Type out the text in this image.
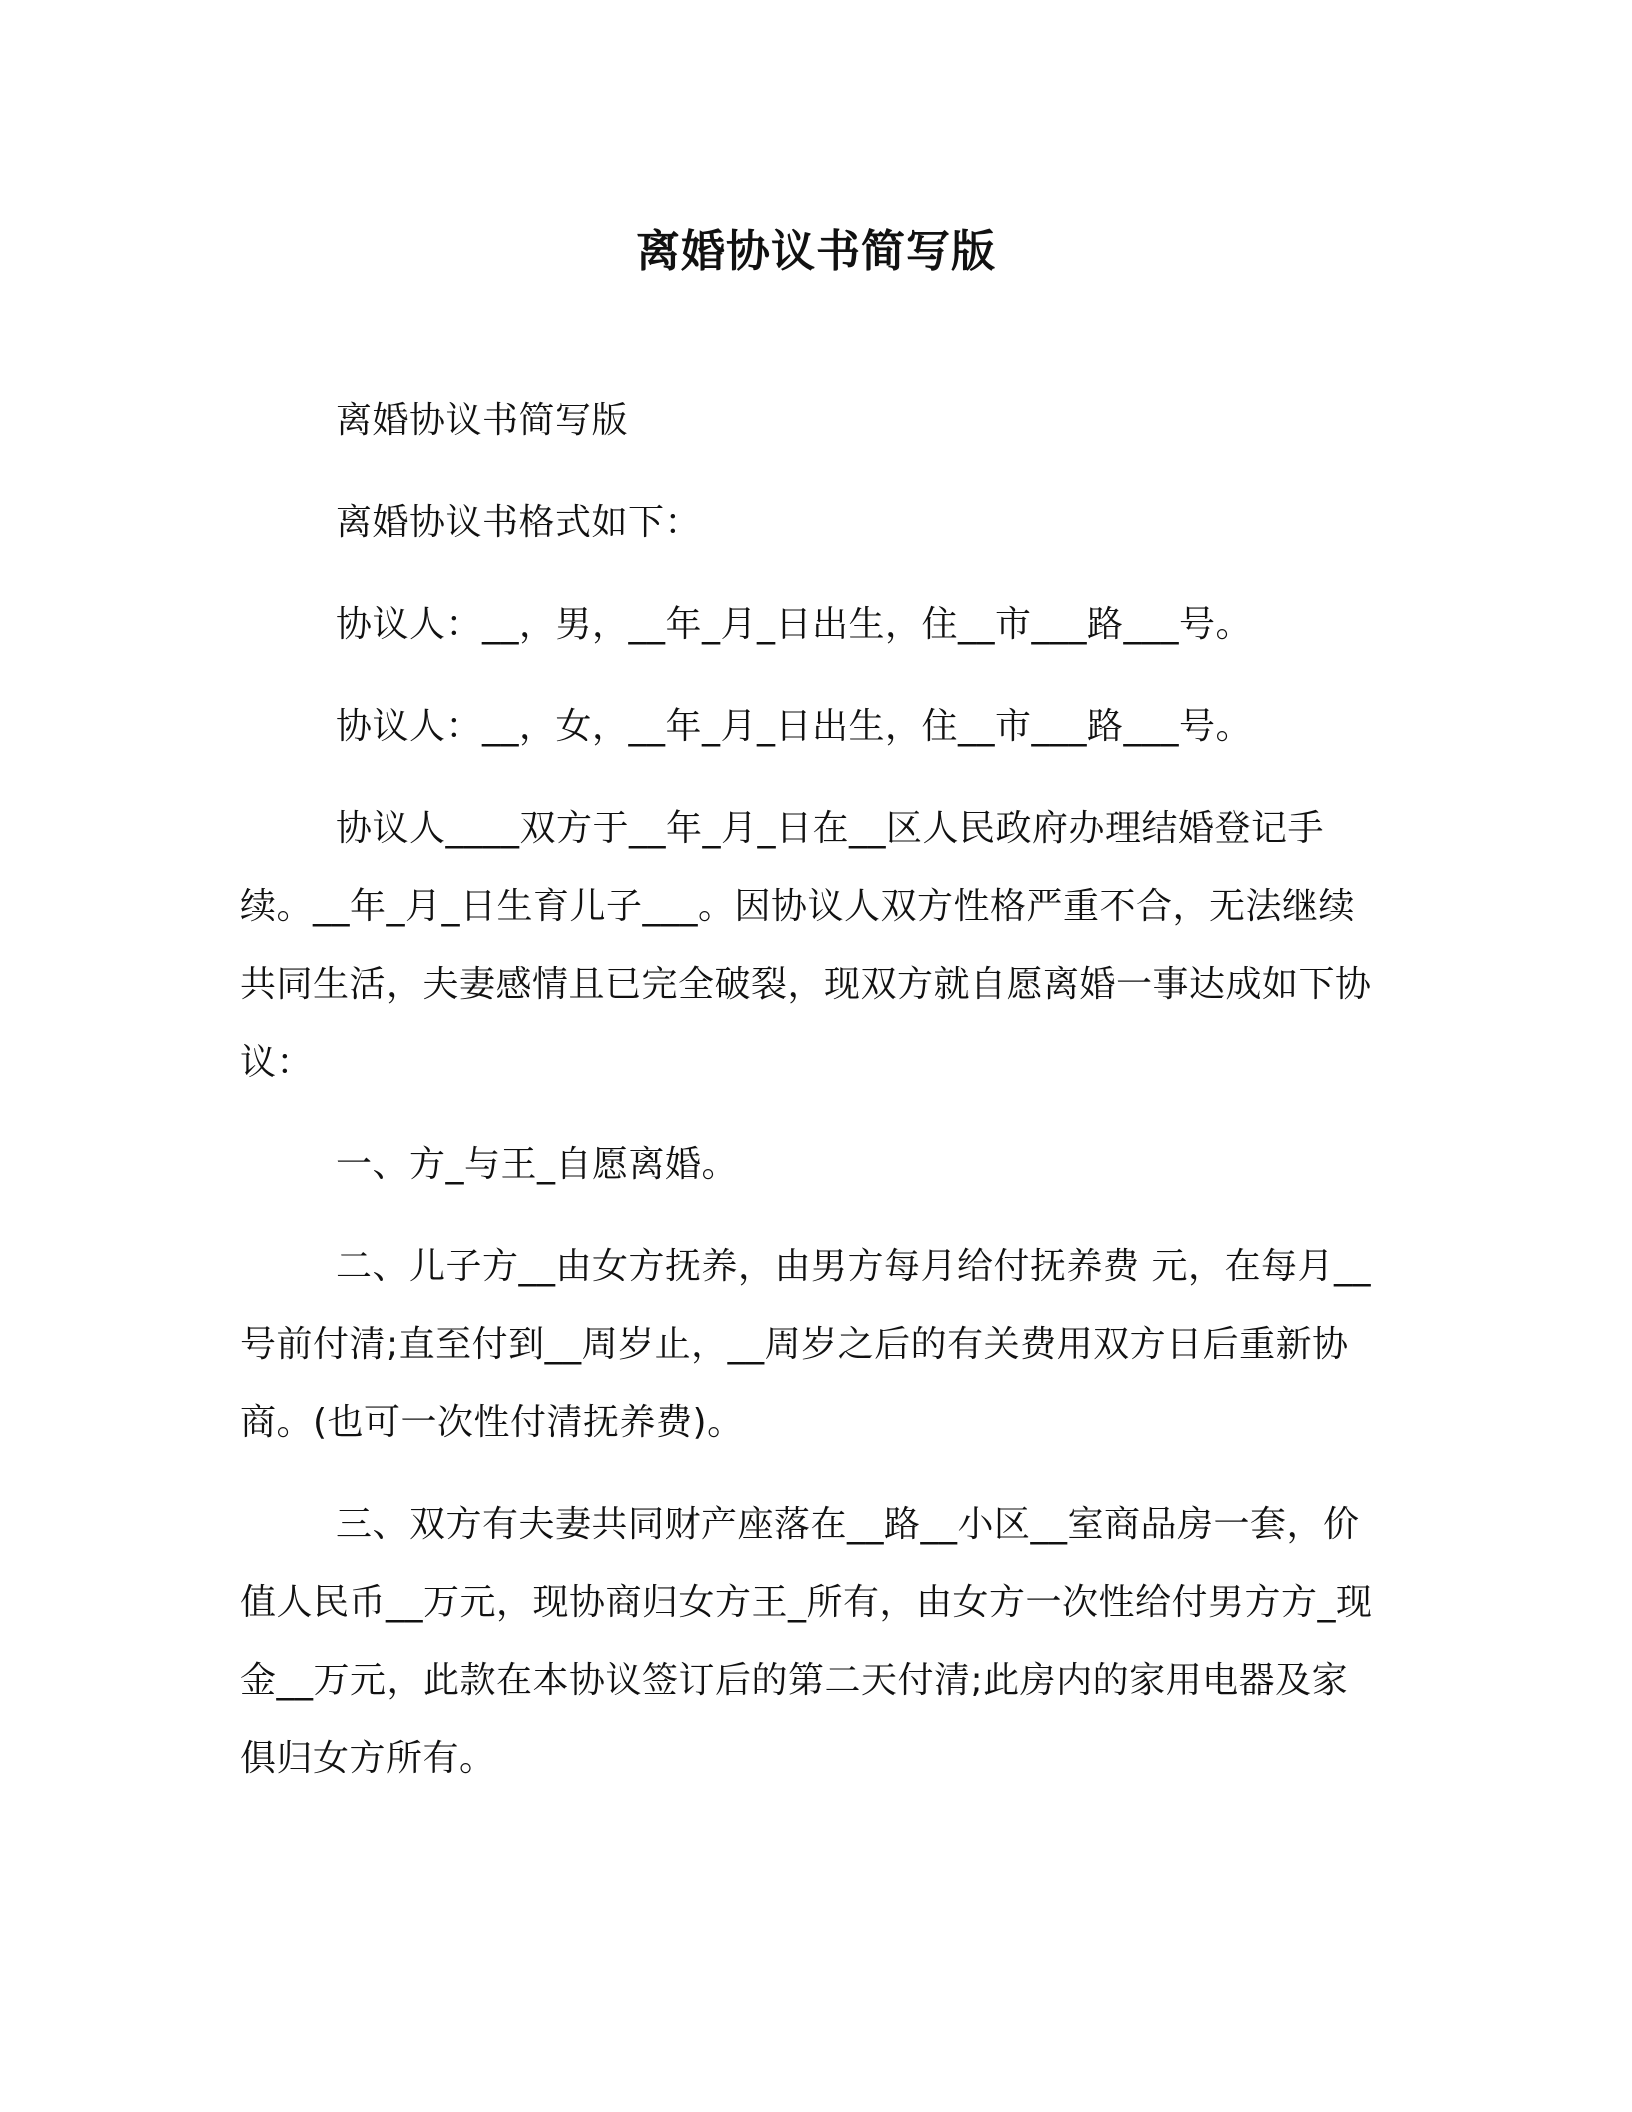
离婚协议书简写版

离婚协议书简写版

离婚协议书格式如下：

协议人：__，男，__年_月_日出生，住__市___路___号。

协议人：__，女，__年_月_日出生，住__市___路___号。

协议人____双方于__年_月_日在__区人民政府办理结婚登记手续。__年_月_日生育儿子___。因协议人双方性格严重不合，无法继续共同生活，夫妻感情且已完全破裂，现双方就自愿离婚一事达成如下协议：

一、方_与王_自愿离婚。

二、儿子方__由女方抚养，由男方每月给付抚养费 元，在每月__号前付清;直至付到__周岁止，__周岁之后的有关费用双方日后重新协商。(也可一次性付清抚养费)。

三、双方有夫妻共同财产座落在__路__小区__室商品房一套，价值人民币__万元，现协商归女方王_所有，由女方一次性给付男方方_现金__万元，此款在本协议签订后的第二天付清;此房内的家用电器及家俱归女方所有。
